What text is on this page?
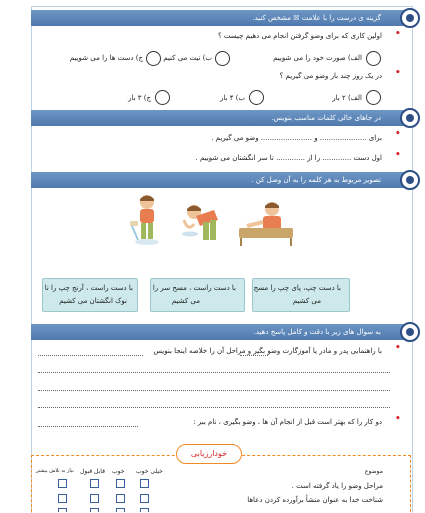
گزینه ی درست را با علامت ☒ مشخص کنید.
•
اولین کاری که برای وضو گرفتن انجام می دهیم چیست ؟
الف) صورت خود را می شوییم
ب) نیت می کنیم
ج) دست ها را می شوییم
•
در یک روز چند بار وضو می گیریم ؟
الف) ۲ بار
ب) ۴ بار
ج) ۳ بار
در جاهای خالی کلمات مناسب بنویس.
•
برای ..................... و ....................... وضو می گیریم .
•
اول دست ............. را از ............. تا سر انگشتان می شوییم .
تصویر مربوط به هر کلمه را به آن وصل کن .
با دست چپ، پای چپ را مسح
می کشیم
با دست راست ، مسح سر را
می کشیم
با دست راست ، آرنج چپ را تا
نوک انگشتان می کشیم
به سوال های زیر با دقت و کامل پاسخ دهید.
•
با راهنمایی پدر و مادر یا آموزگارت وضو بگیر و مراحل آن را خلاصه اینجا بنویس
•
دو کار را که بهتر است قبل از انجام آن ها ، وضو بگیری ، نام ببر :
خودارزیابی
موضوع
خیلی خوب
خوب
قابل قبول
نیاز به تلاش بیشتر
مراحل وضو را یاد گرفته است .
شناخت خدا به عنوان منشأ برآورده کردن دعاها
